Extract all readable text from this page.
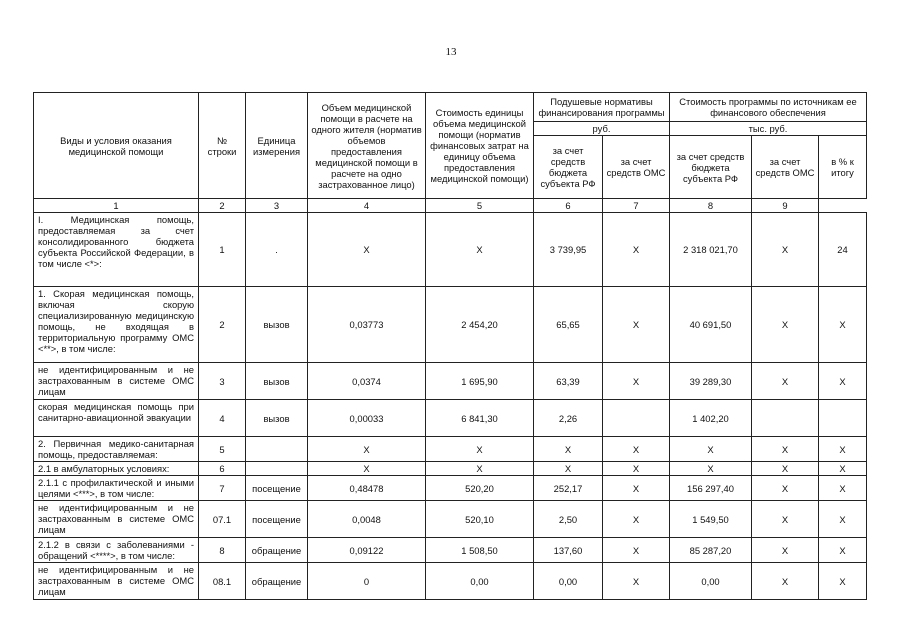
13
Виды и условия оказания медицинской помощи	№ строки	Единица измерения	Объем медицинской помощи в расчете на одного жителя (норматив объемов предоставления медицинской помощи в расчете на одно застрахованное лицо)	Стоимость единицы объема медицинской помощи (норматив финансовых затрат на единицу объема предоставления медицинской помощи)	Подушевые нормативы финансирования программы		Стоимость программы по источникам ее финансового обеспечения		
					руб.		тыс. руб.		
					за счет средств бюджета субъекта РФ	за счет средств ОМС	за счет средств бюджета субъекта РФ	за счет средств ОМС	в % к итогу
1	2	3	4	5	6	7	8	9	
I. Медицинская помощь, предоставляемая за счет консолидированного бюджета субъекта Российской Федерации, в том числе <*>:	1	.	X	X	3 739,95	X	2 318 021,70	X	24
1. Скорая медицинская помощь, включая скорую специализированную медицинскую помощь, не входящая в территориальную программу ОМС <**>, в том числе:	2	вызов	0,03773	2 454,20	65,65	X	40 691,50	X	X
не идентифицированным и не застрахованным в системе ОМС лицам	3	вызов	0,0374	1 695,90	63,39	X	39 289,30	X	X
скорая медицинская помощь при санитарно-авиационной эвакуации	4	вызов	0,00033	6 841,30	2,26		1 402,20		
2. Первичная медико-санитарная помощь, предоставляемая:	5		X	X	X	X	X	X	X
2.1 в амбулаторных условиях:	6		X	X	X	X	X	X	X
2.1.1 с профилактической и иными целями <***>, в том числе:	7	посещение	0,48478	520,20	252,17	X	156 297,40	X	X
не идентифицированным и не застрахованным в системе ОМС лицам	07.1	посещение	0,0048	520,10	2,50	X	1 549,50	X	X
2.1.2 в связи с заболеваниями - обращений <****>, в том числе:	8	обращение	0,09122	1 508,50	137,60	X	85 287,20	X	X
не идентифицированным и не застрахованным в системе ОМС лицам	08.1	обращение	0	0,00	0,00	X	0,00	X	X
